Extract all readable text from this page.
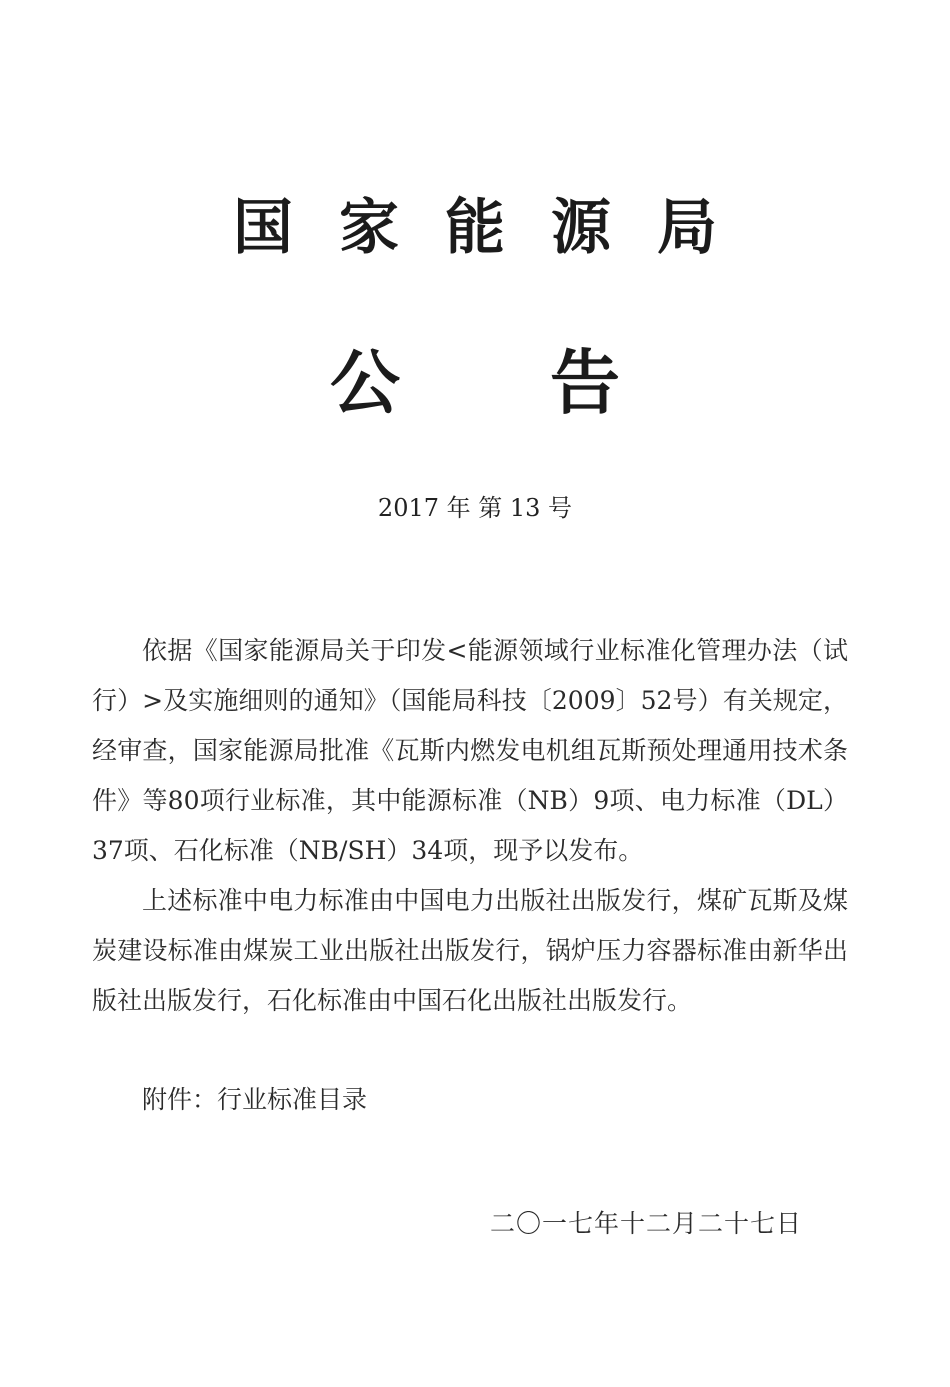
国家能源局
公告
2017 年 第 13 号

依据《国家能源局关于印发<能源领域行业标准化管理办法（试行）>及实施细则的通知》（国能局科技〔2009〕52号）有关规定，经审查，国家能源局批准《瓦斯内燃发电机组瓦斯预处理通用技术条件》等80项行业标准，其中能源标准（NB）9项、电力标准（DL）37项、石化标准（NB/SH）34项，现予以发布。

上述标准中电力标准由中国电力出版社出版发行，煤矿瓦斯及煤炭建设标准由煤炭工业出版社出版发行，锅炉压力容器标准由新华出版社出版发行，石化标准由中国石化出版社出版发行。

附件：行业标准目录
二〇一七年十二月二十七日
